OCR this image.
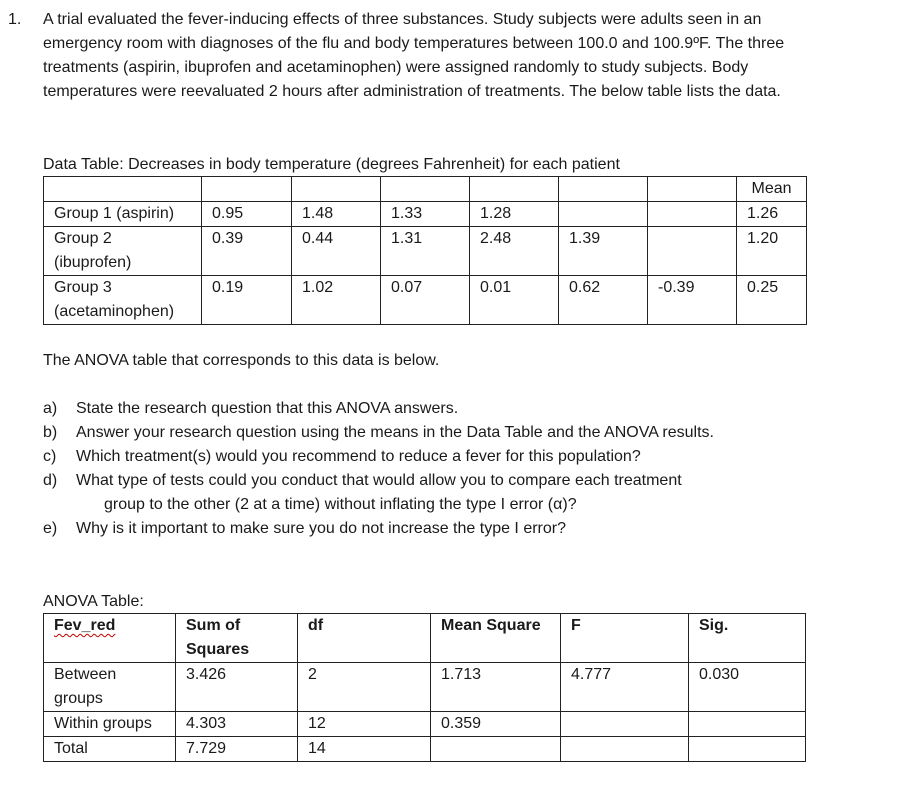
1. A trial evaluated the fever-inducing effects of three substances. Study subjects were adults seen in an emergency room with diagnoses of the flu and body temperatures between 100.0 and 100.9ºF. The three treatments (aspirin, ibuprofen and acetaminophen) were assigned randomly to study subjects. Body temperatures were reevaluated 2 hours after administration of treatments. The below table lists the data.
Data Table: Decreases in body temperature (degrees Fahrenheit) for each patient
							Mean
Group 1 (aspirin)	0.95	1.48	1.33	1.28			1.26
Group 2 (ibuprofen)	0.39	0.44	1.31	2.48	1.39		1.20
Group 3 (acetaminophen)	0.19	1.02	0.07	0.01	0.62	-0.39	0.25
The ANOVA table that corresponds to this data is below.
a) State the research question that this ANOVA answers.
b) Answer your research question using the means in the Data Table and the ANOVA results.
c) Which treatment(s) would you recommend to reduce a fever for this population?
d) What type of tests could you conduct that would allow you to compare each treatment
group to the other (2 at a time) without inflating the type I error (α)?
e) Why is it important to make sure you do not increase the type I error?
ANOVA Table:
Fev_red	Sum of Squares	df	Mean Square	F	Sig.
Between groups	3.426	2	1.713	4.777	0.030
Within groups	4.303	12	0.359		
Total	7.729	14			
